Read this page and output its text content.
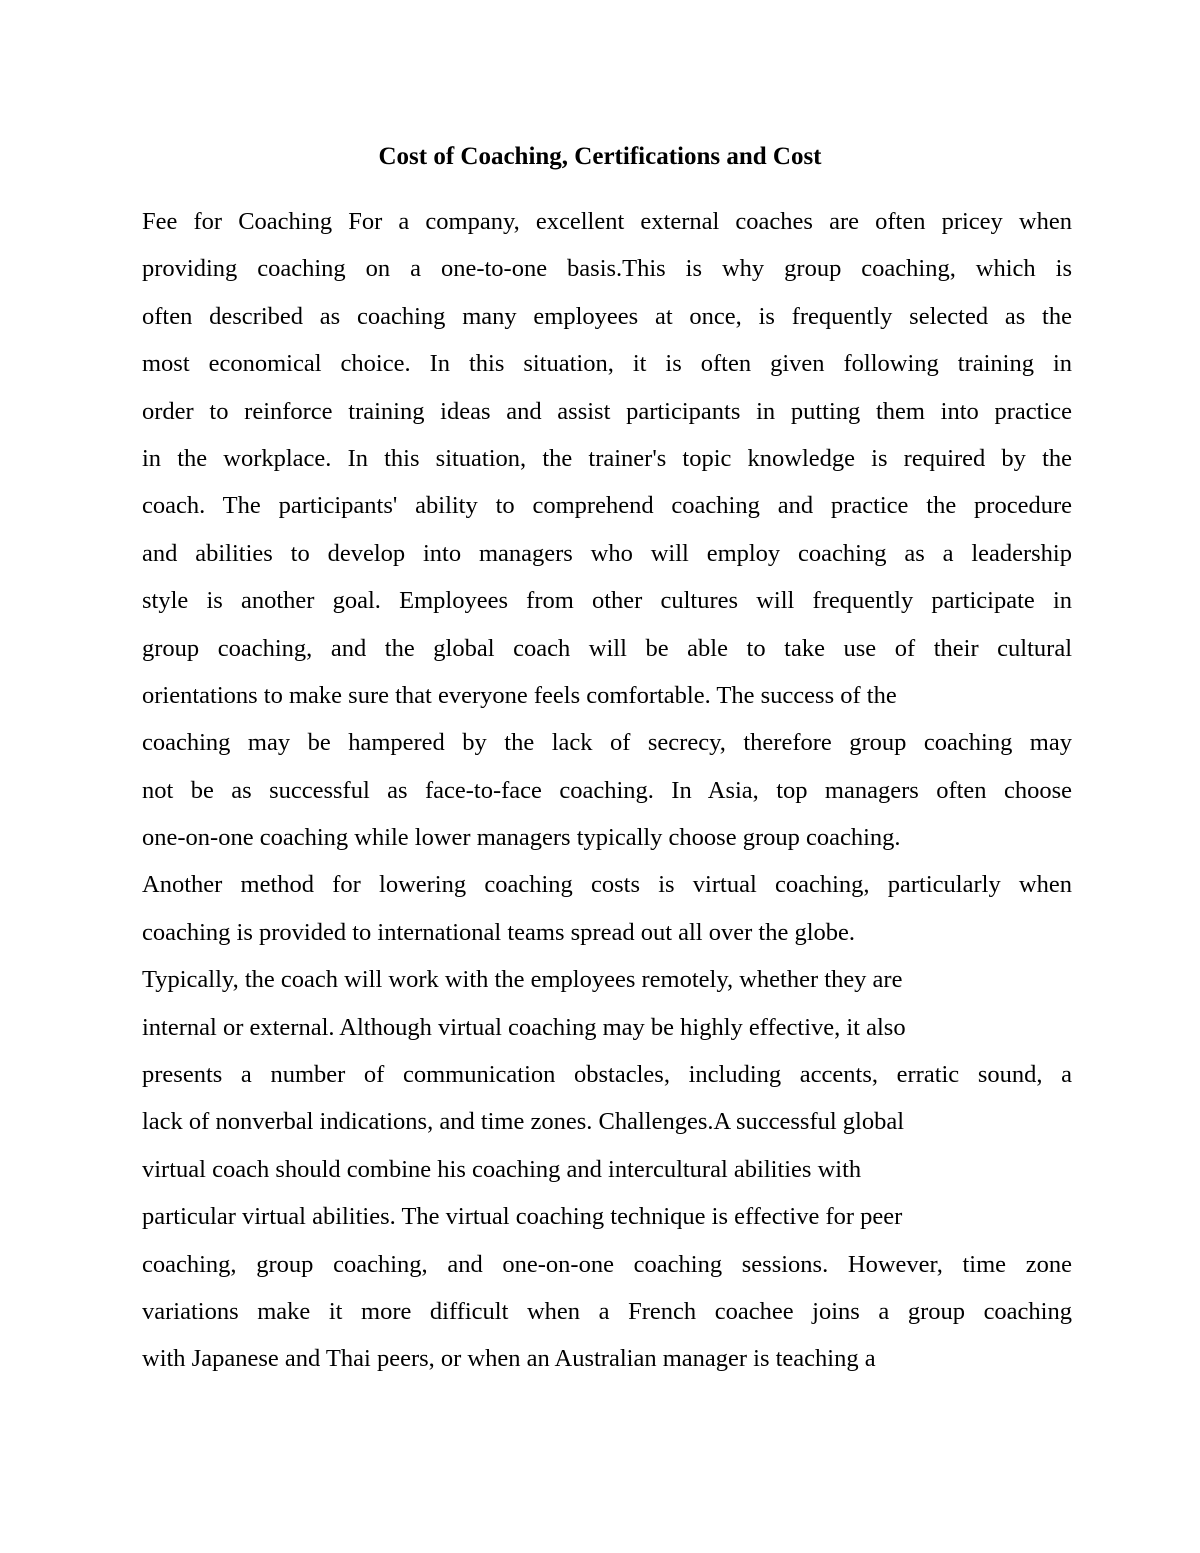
Cost of Coaching, Certifications and Cost
Fee for Coaching For a company, excellent external coaches are often pricey when
providing coaching on a one-to-one basis.This is why group coaching, which is
often described as coaching many employees at once, is frequently selected as the
most economical choice. In this situation, it is often given following training in
order to reinforce training ideas and assist participants in putting them into practice
in the workplace. In this situation, the trainer's topic knowledge is required by the
coach. The participants' ability to comprehend coaching and practice the procedure
and abilities to develop into managers who will employ coaching as a leadership
style is another goal. Employees from other cultures will frequently participate in
group coaching, and the global coach will be able to take use of their cultural
orientations to make sure that everyone feels comfortable. The success of the
coaching may be hampered by the lack of secrecy, therefore group coaching may
not be as successful as face-to-face coaching. In Asia, top managers often choose
one-on-one coaching while lower managers typically choose group coaching.
Another method for lowering coaching costs is virtual coaching, particularly when
coaching is provided to international teams spread out all over the globe.
Typically, the coach will work with the employees remotely, whether they are
internal or external. Although virtual coaching may be highly effective, it also
presents a number of communication obstacles, including accents, erratic sound, a
lack of nonverbal indications, and time zones. Challenges.A successful global
virtual coach should combine his coaching and intercultural abilities with
particular virtual abilities. The virtual coaching technique is effective for peer
coaching, group coaching, and one-on-one coaching sessions. However, time zone
variations make it more difficult when a French coachee joins a group coaching
with Japanese and Thai peers, or when an Australian manager is teaching a
